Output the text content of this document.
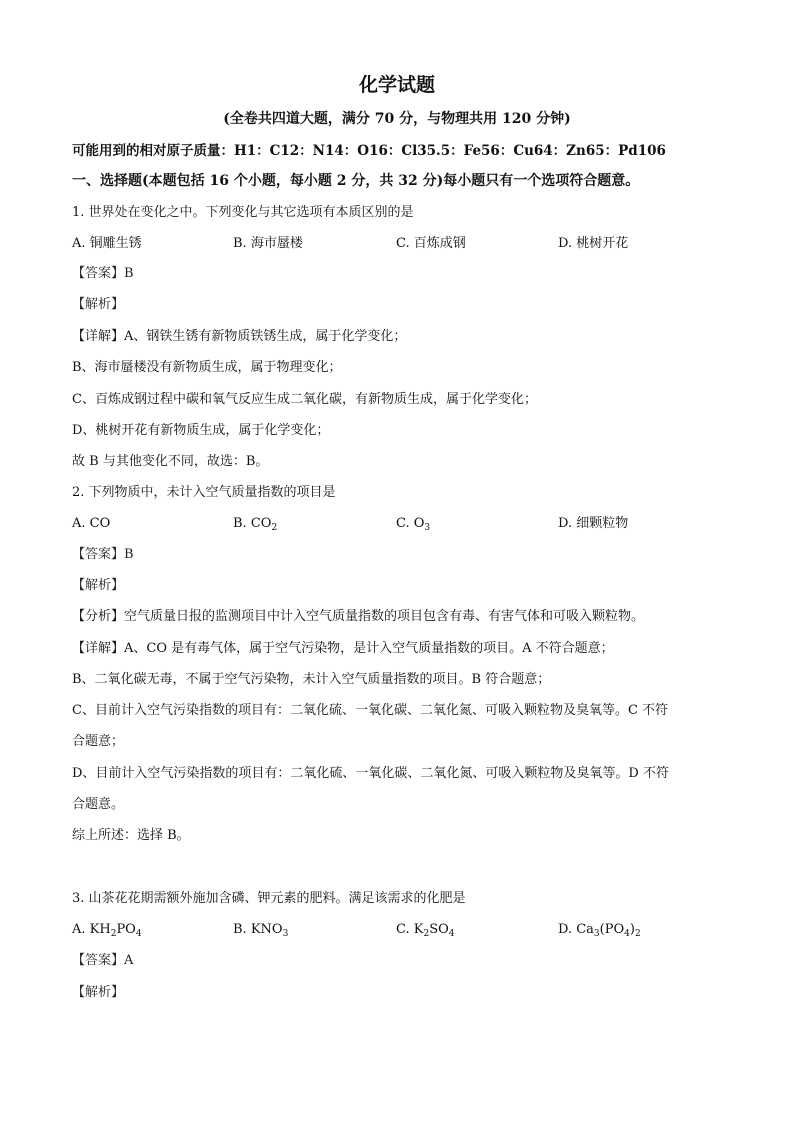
化学试题
(全卷共四道大题，满分 70 分，与物理共用 120 分钟)
可能用到的相对原子质量：H1：C12：N14：O16：Cl35.5：Fe56：Cu64：Zn65：Pd106
一、选择题(本题包括 16 个小题，每小题 2 分，共 32 分)每小题只有一个选项符合题意。
1. 世界处在变化之中。下列变化与其它选项有本质区别的是
A. 铜雕生锈	B. 海市蜃楼	C. 百炼成钢	D. 桃树开花
【答案】B
【解析】
【详解】A、钢铁生锈有新物质铁锈生成，属于化学变化；
B、海市蜃楼没有新物质生成，属于物理变化；
C、百炼成钢过程中碳和氧气反应生成二氧化碳，有新物质生成，属于化学变化；
D、桃树开花有新物质生成，属于化学变化；
故 B 与其他变化不同，故选：B。
2. 下列物质中，未计入空气质量指数的项目是
A. CO	B. $CO_2$	C. $O_3$	D. 细颗粒物
【答案】B
【解析】
【分析】空气质量日报的监测项目中计入空气质量指数的项目包含有毒、有害气体和可吸入颗粒物。
【详解】A、CO 是有毒气体，属于空气污染物，是计入空气质量指数的项目。A 不符合题意；
B、二氧化碳无毒，不属于空气污染物，未计入空气质量指数的项目。B 符合题意；
C、目前计入空气污染指数的项目有：二氧化硫、一氧化碳、二氧化氮、可吸入颗粒物及臭氧等。C 不符
合题意；
D、目前计入空气污染指数的项目有：二氧化硫、一氧化碳、二氧化氮、可吸入颗粒物及臭氧等。D 不符
合题意。
综上所述：选择 B。
3. 山茶花花期需额外施加含磷、钾元素的肥料。满足该需求的化肥是
A. $KH_2PO_4$	B. $KNO_3$	C. $K_2SO_4$	D. $Ca_3(PO_4)_2$
【答案】A
【解析】
